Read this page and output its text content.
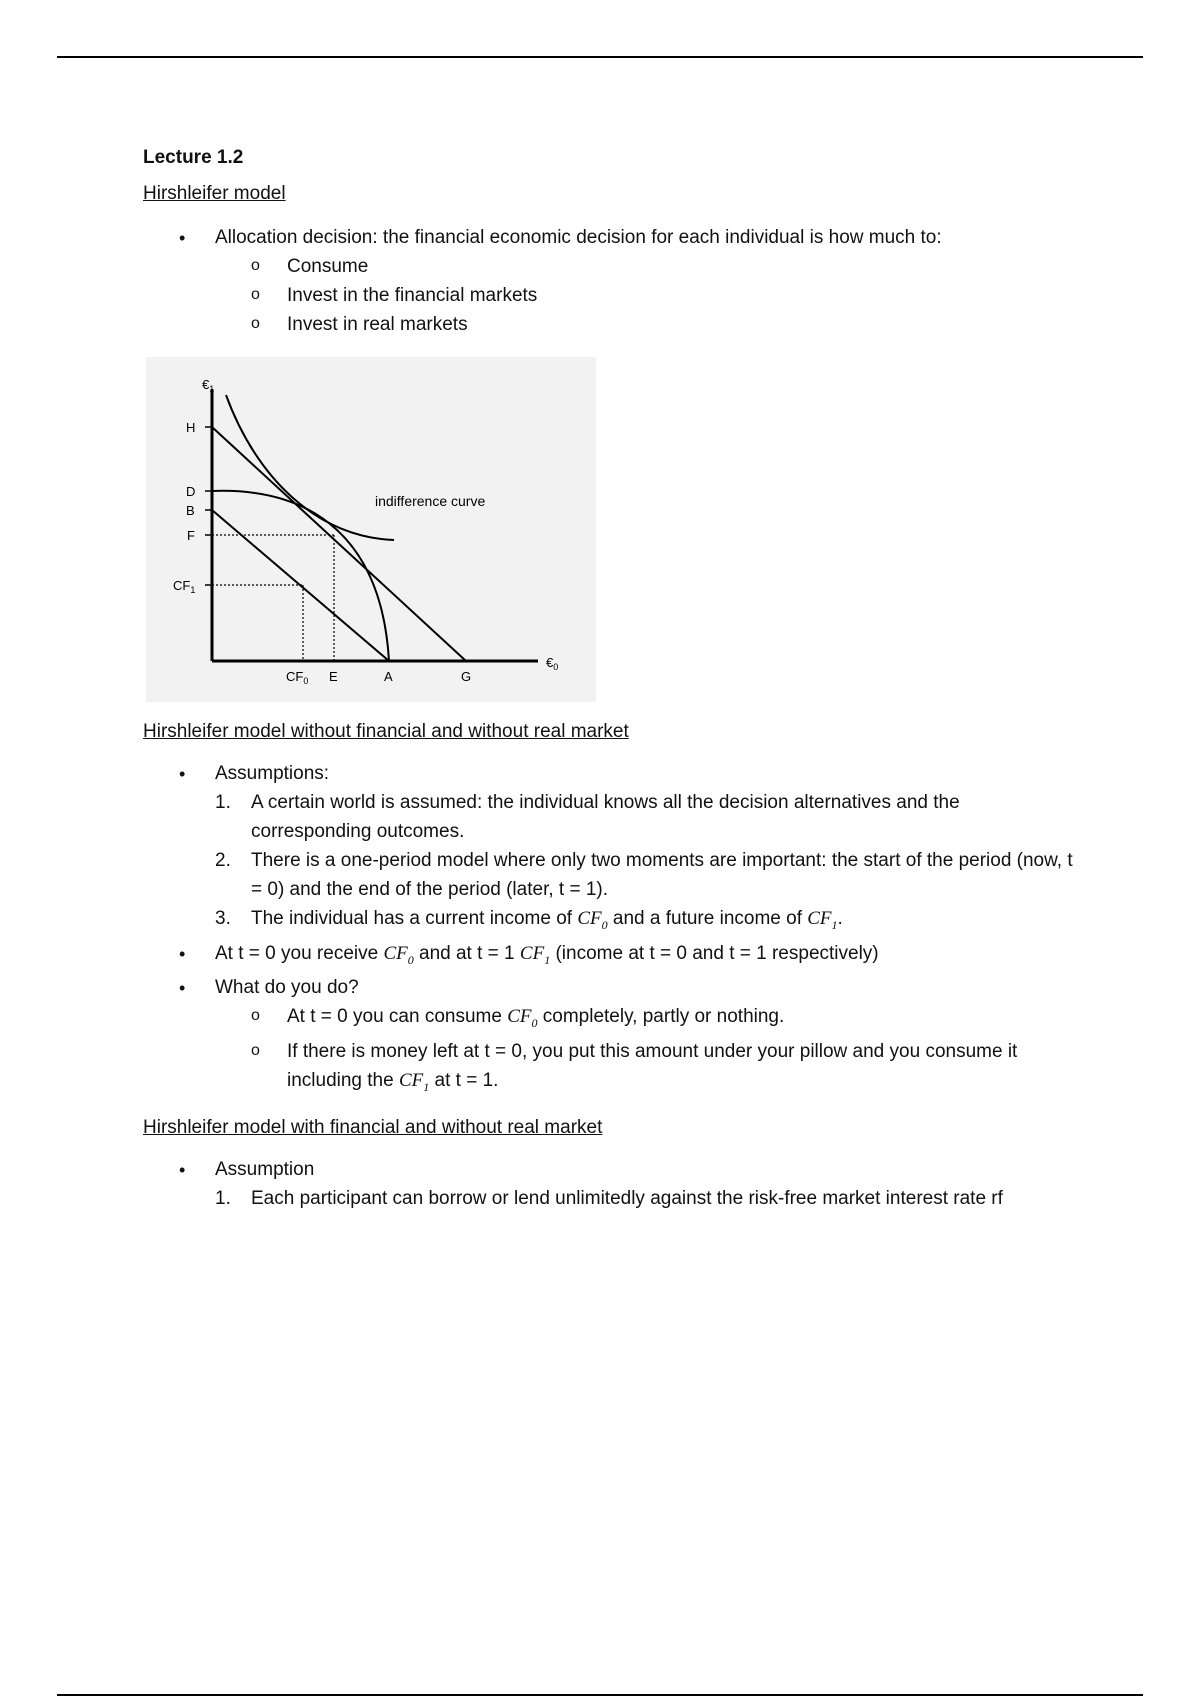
Lecture 1.2

Hirshleifer model

• Allocation decision: the financial economic decision for each individual is how much to:
o Consume
o Invest in the financial markets
o Invest in real markets
$€_1$
H
D
B
F
$CF_1$
$CF_0$ E	A	G
$€_0$
indifference curve

Hirshleifer model without financial and without real market

• Assumptions:
1. A certain world is assumed: the individual knows all the decision alternatives and the corresponding outcomes.
2. There is a one-period model where only two moments are important: the start of the period (now, t = 0) and the end of the period (later, t = 1).
3. The individual has a current income of $CF_0$ and a future income of $CF_1$.
• At t = 0 you receive $CF_0$ and at t = 1 $CF_1$ (income at t = 0 and t = 1 respectively)
• What do you do?
o At t = 0 you can consume $CF_0$ completely, partly or nothing.
o If there is money left at t = 0, you put this amount under your pillow and you consume it including the $CF_1$ at t = 1.

Hirshleifer model with financial and without real market

• Assumption
1. Each participant can borrow or lend unlimitedly against the risk-free market interest rate rf
